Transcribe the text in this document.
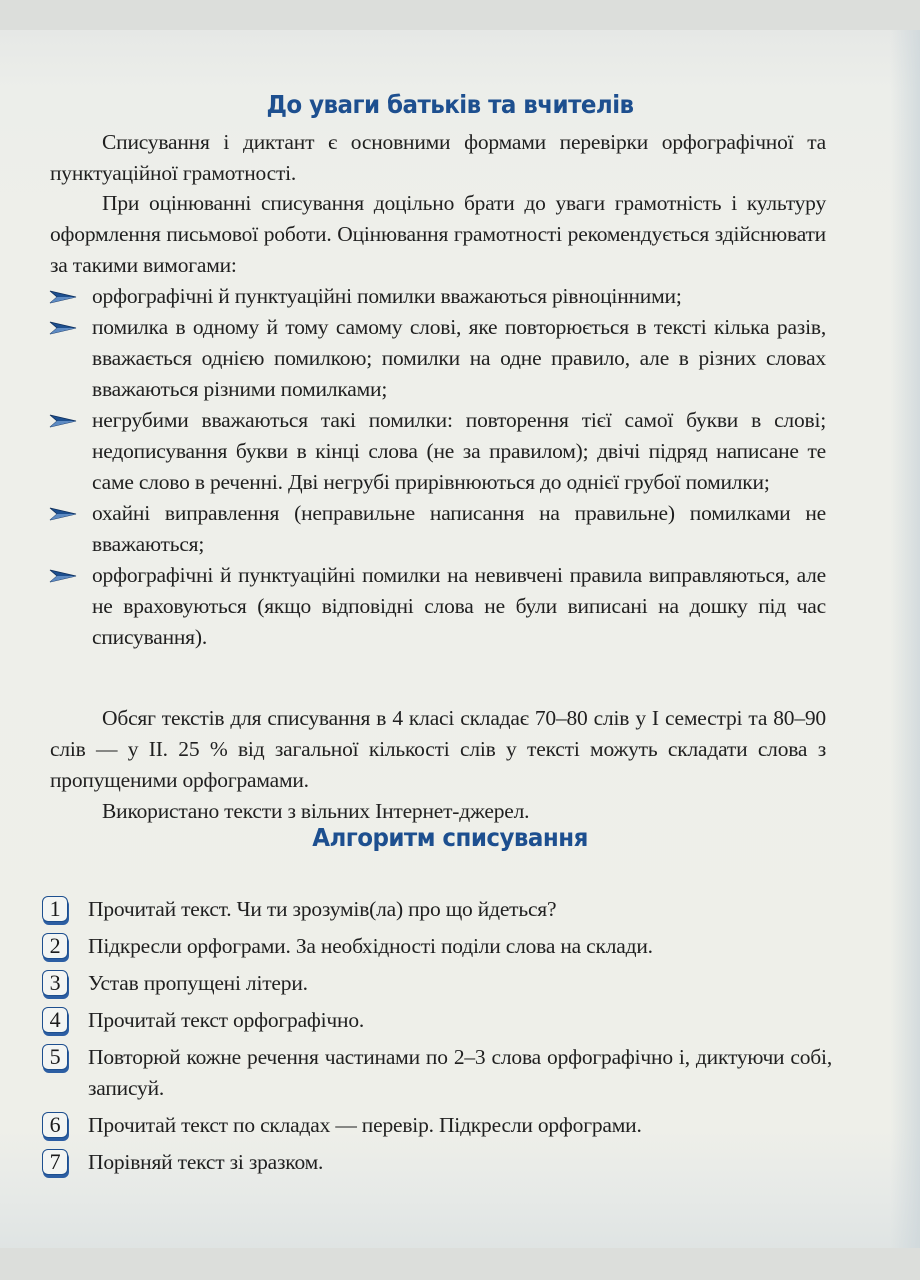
До уваги батьків та вчителів

Списування і диктант є основними формами перевірки орфографічної та пунктуаційної грамотності.

При оцінюванні списування доцільно брати до уваги грамотність і культуру оформлення письмової роботи. Оцінювання грамотності рекомендується здійснювати за такими вимогами:

орфографічні й пунктуаційні помилки вважаються рівноцінними;
помилка в одному й тому самому слові, яке повторюється в тексті кілька разів, вважається однією помилкою; помилки на одне правило, але в різних словах вважаються різними помилками;
негрубими вважаються такі помилки: повторення тієї самої букви в слові; недописування букви в кінці слова (не за правилом); двічі підряд написане те саме слово в реченні. Дві негрубі прирівнюються до однієї грубої помилки;
охайні виправлення (неправильне написання на правильне) помилками не вважаються;
орфографічні й пунктуаційні помилки на невивчені правила виправляються, але не враховуються (якщо відповідні слова не були виписані на дошку під час списування).

Обсяг текстів для списування в 4 класі складає 70–80 слів у І семестрі та 80–90 слів — у ІІ. 25 % від загальної кількості слів у тексті можуть складати слова з пропущеними орфограмами.

Використано тексти з вільних Інтернет-джерел.

Алгоритм списування
1	Прочитай текст. Чи ти зрозумів(ла) про що йдеться?
2	Підкресли орфограми. За необхідності поділи слова на склади.
3	Устав пропущені літери.
4	Прочитай текст орфографічно.
5	Повторюй кожне речення частинами по 2–3 слова орфографічно і, диктуючи собі, записуй.
6	Прочитай текст по складах — перевір. Підкресли орфограми.
7	Порівняй текст зі зразком.
